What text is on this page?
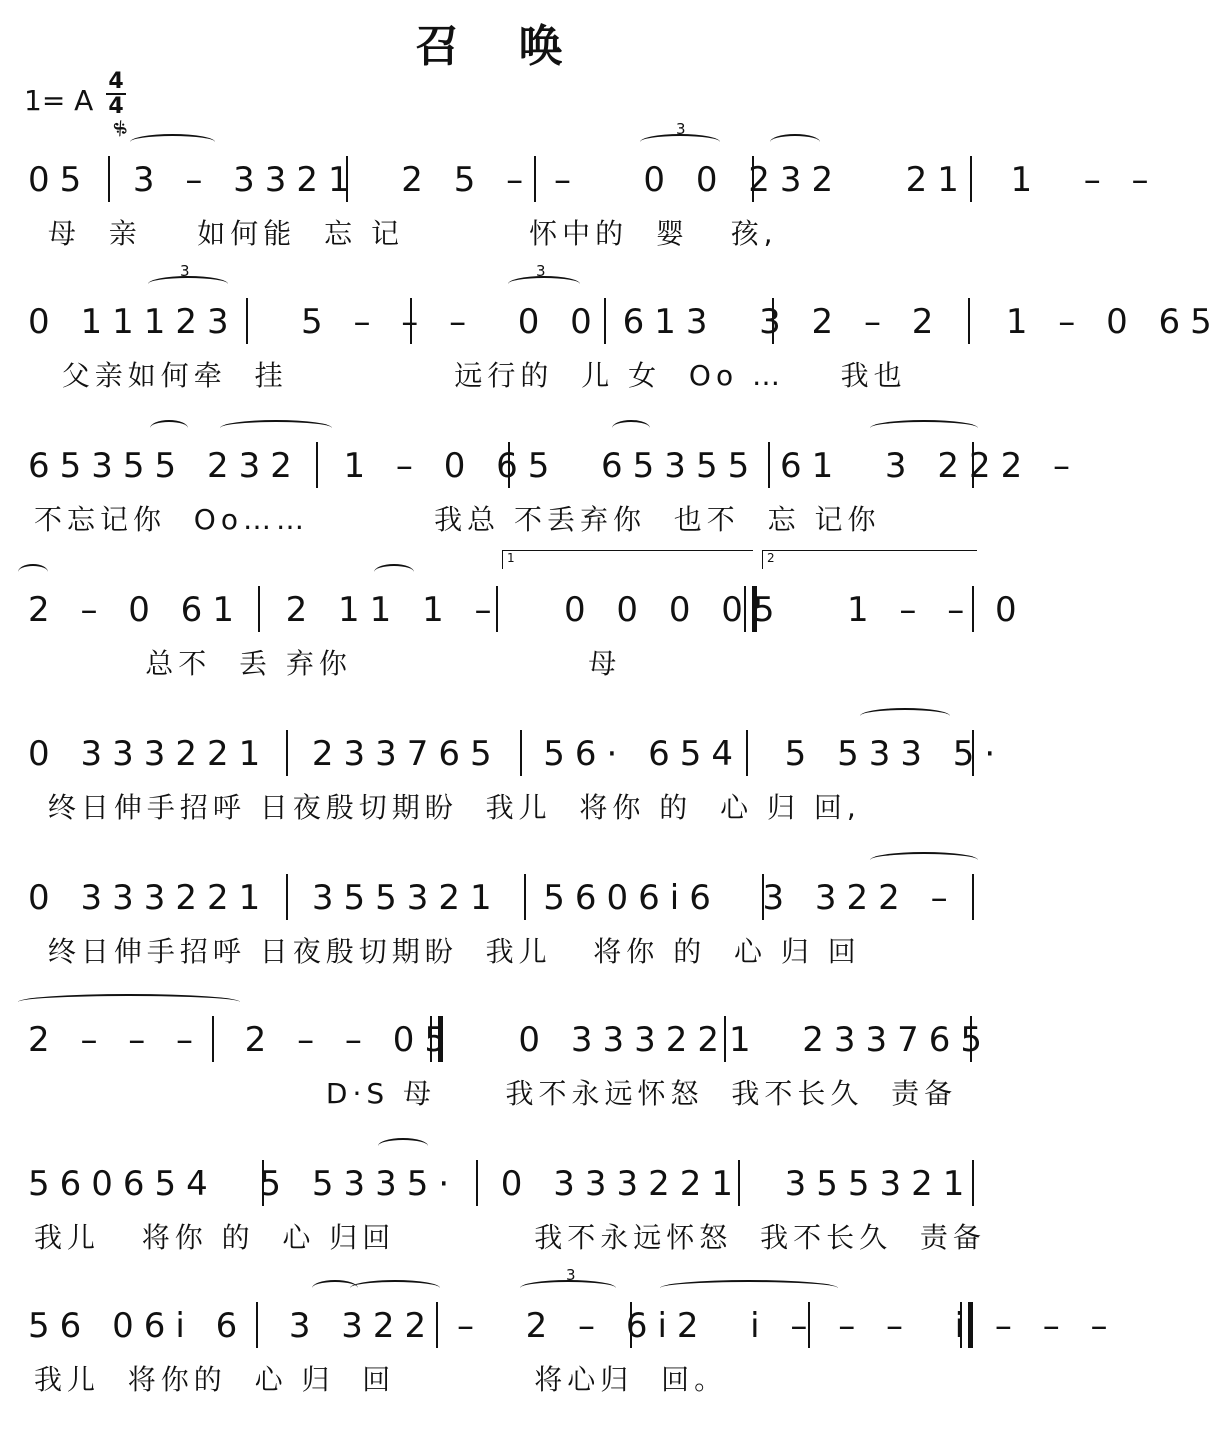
召 唤
1= A
4
4
𝄋
05  3 – 3321  2 5 – –   0 0 232   21  1  – –
母  亲    如何能  忘 记         怀中的  婴   孩,
3
0 11123   5 – – –  0 0 613  3 2 – 2   1 – 0 65
父亲如何牵  挂            远行的  儿 女  Oo …    我也
3	3
65355 232  1 – 0 65  65355 61  3 222 –
不忘记你  Oo……         我总 不丢弃你  也不  忘 记你
2 – 0 61  2 11 1 –   0 0 0 05   1 – – 0
总不  丢 弃你                 母
1	2
0 333221  233765  56· 654  5 533 5·
终日伸手招呼 日夜殷切期盼  我儿  将你 的  心 归 回,
0 333221  355321  5606i6  3 322 –
终日伸手招呼 日夜殷切期盼  我儿   将你 的  心 归 回
2 – – –  2 – – 05   0 333221  233765
D·S 母     我不永远怀怒  我不长久  责备
560654  5 5335·  0 333221  355321
我儿   将你 的  心 归回          我不永远怀怒  我不长久  责备
56 06i 6  3 322 –  2 – 6i2  i – – –  i – – –
我儿  将你的  心 归  回          将心归  回。
3
